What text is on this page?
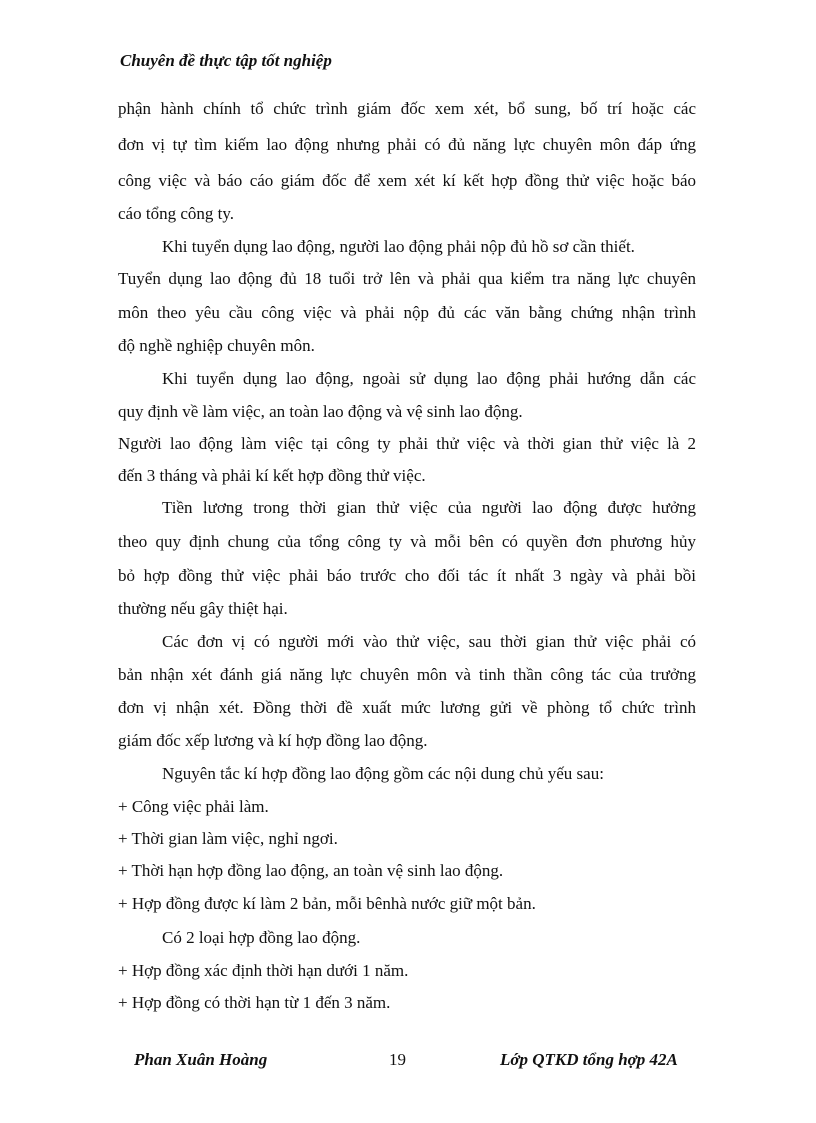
Chuyên đề thực tập tốt nghiệp
phận hành chính tổ chức trình giám đốc xem xét, bổ sung, bố trí hoặc các
đơn vị tự tìm kiếm lao động nhưng phải có đủ năng lực chuyên môn đáp ứng
công việc và báo cáo giám đốc để xem xét kí kết hợp đồng thử việc hoặc báo
cáo tổng công ty.
Khi tuyển dụng lao động, người lao động phải nộp đủ hồ sơ cần thiết.
Tuyển dụng lao động đủ 18 tuổi trở lên và phải qua kiểm tra năng lực chuyên
môn theo yêu cầu công việc và phải nộp đủ các văn bằng chứng nhận trình
độ nghề nghiệp chuyên môn.
Khi tuyển dụng lao động, ngoài sử dụng lao động phải hướng dẫn các
quy định về làm việc, an toàn lao động và vệ sinh lao động.
Người lao động làm việc tại công ty phải thử việc và thời gian thử việc là 2
đến 3 tháng và phải kí kết hợp đồng thử việc.
Tiền lương trong thời gian thử việc của người lao động được hưởng
theo quy định chung của tổng công ty và mỗi bên có quyền đơn phương hủy
bỏ hợp đồng thử việc phải báo trước cho đối tác ít nhất 3 ngày và phải bồi
thường nếu gây thiệt hại.
Các đơn vị có người mới vào thử việc, sau thời gian thử việc phải có
bản nhận xét đánh giá năng lực chuyên môn và tinh thần công tác của trưởng
đơn vị nhận xét. Đồng thời đề xuất mức lương gửi về phòng tổ chức trình
giám đốc xếp lương và kí hợp đồng lao động.
Nguyên tắc kí hợp đồng lao động gồm các nội dung chủ yếu sau:
+ Công việc phải làm.
+ Thời gian làm việc, nghỉ ngơi.
+ Thời hạn hợp đồng lao động, an toàn vệ sinh lao động.
+ Hợp đồng được kí làm 2 bản, mỗi bênhà nước giữ một bản.
Có 2 loại hợp đồng lao động.
+ Hợp đồng xác định thời hạn dưới 1 năm.
+ Hợp đồng có thời hạn từ 1 đến 3 năm.
Phan Xuân Hoàng	19	Lớp QTKD tổng hợp 42A
